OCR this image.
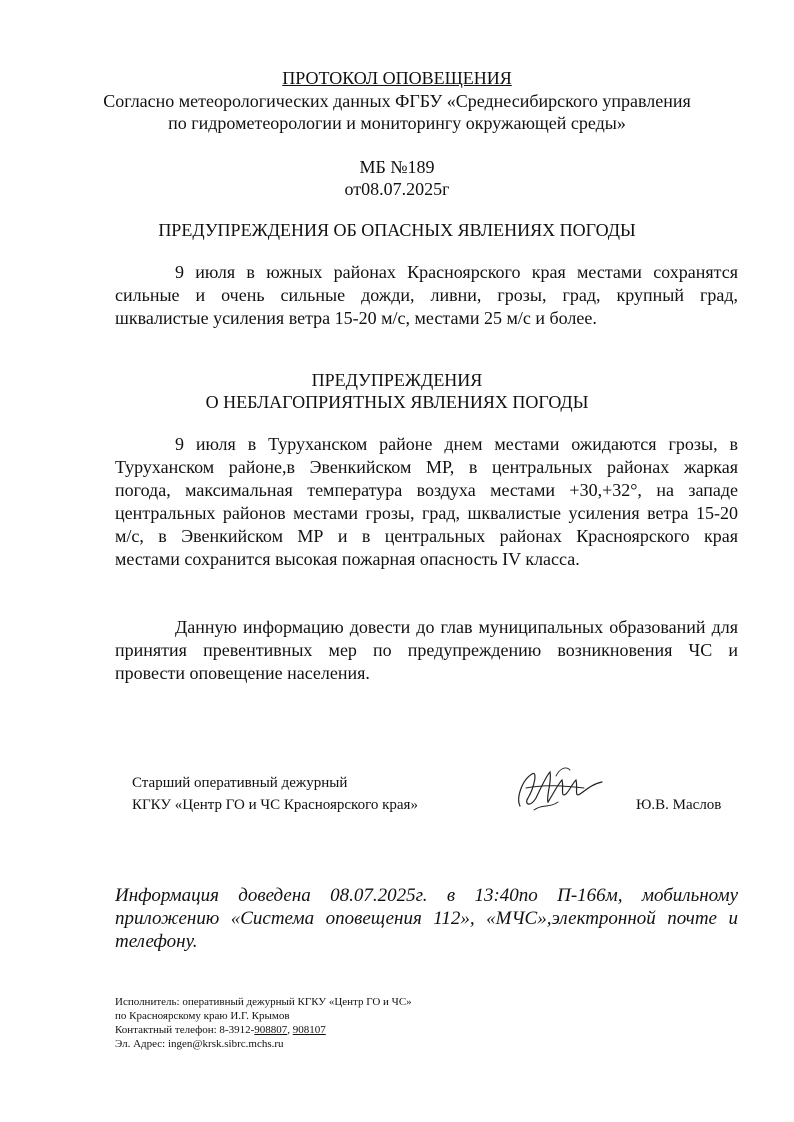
ПРОТОКОЛ ОПОВЕЩЕНИЯ
Согласно метеорологических данных ФГБУ «Среднесибирского управления
по гидрометеорологии и мониторингу окружающей среды»
МБ №189
от08.07.2025г
ПРЕДУПРЕЖДЕНИЯ ОБ ОПАСНЫХ ЯВЛЕНИЯХ ПОГОДЫ
9 июля в южных районах Красноярского края местами сохранятся
сильные и очень сильные дожди, ливни, грозы, град, крупный град,
шквалистые усиления ветра 15-20 м/с, местами 25 м/с и более.
ПРЕДУПРЕЖДЕНИЯ
О НЕБЛАГОПРИЯТНЫХ ЯВЛЕНИЯХ ПОГОДЫ
9 июля в Туруханском районе днем местами ожидаются грозы, в
Туруханском районе,в Эвенкийском МР, в центральных районах жаркая
погода, максимальная температура воздуха местами +30,+32°, на западе
центральных районов местами грозы, град, шквалистые усиления ветра 15-20
м/с, в Эвенкийском МР и в центральных районах Красноярского края
местами сохранится высокая пожарная опасность IV класса.
Данную информацию довести до глав муниципальных образований для
принятия превентивных мер по предупреждению возникновения ЧС и
провести оповещение населения.
Старший оперативный дежурный
КГКУ «Центр ГО и ЧС Красноярского края»	Ю.В. Маслов
Информация доведена 08.07.2025г. в 13:40по П-166м, мобильному
приложению «Система оповещения 112», «МЧС»,электронной почте и
телефону.
Исполнитель: оперативный дежурный КГКУ «Центр ГО и ЧС»
по Красноярскому краю И.Г. Крымов
Контактный телефон: 8-3912-908807, 908107
Эл. Адрес: ingen@krsk.sibrc.mchs.ru
